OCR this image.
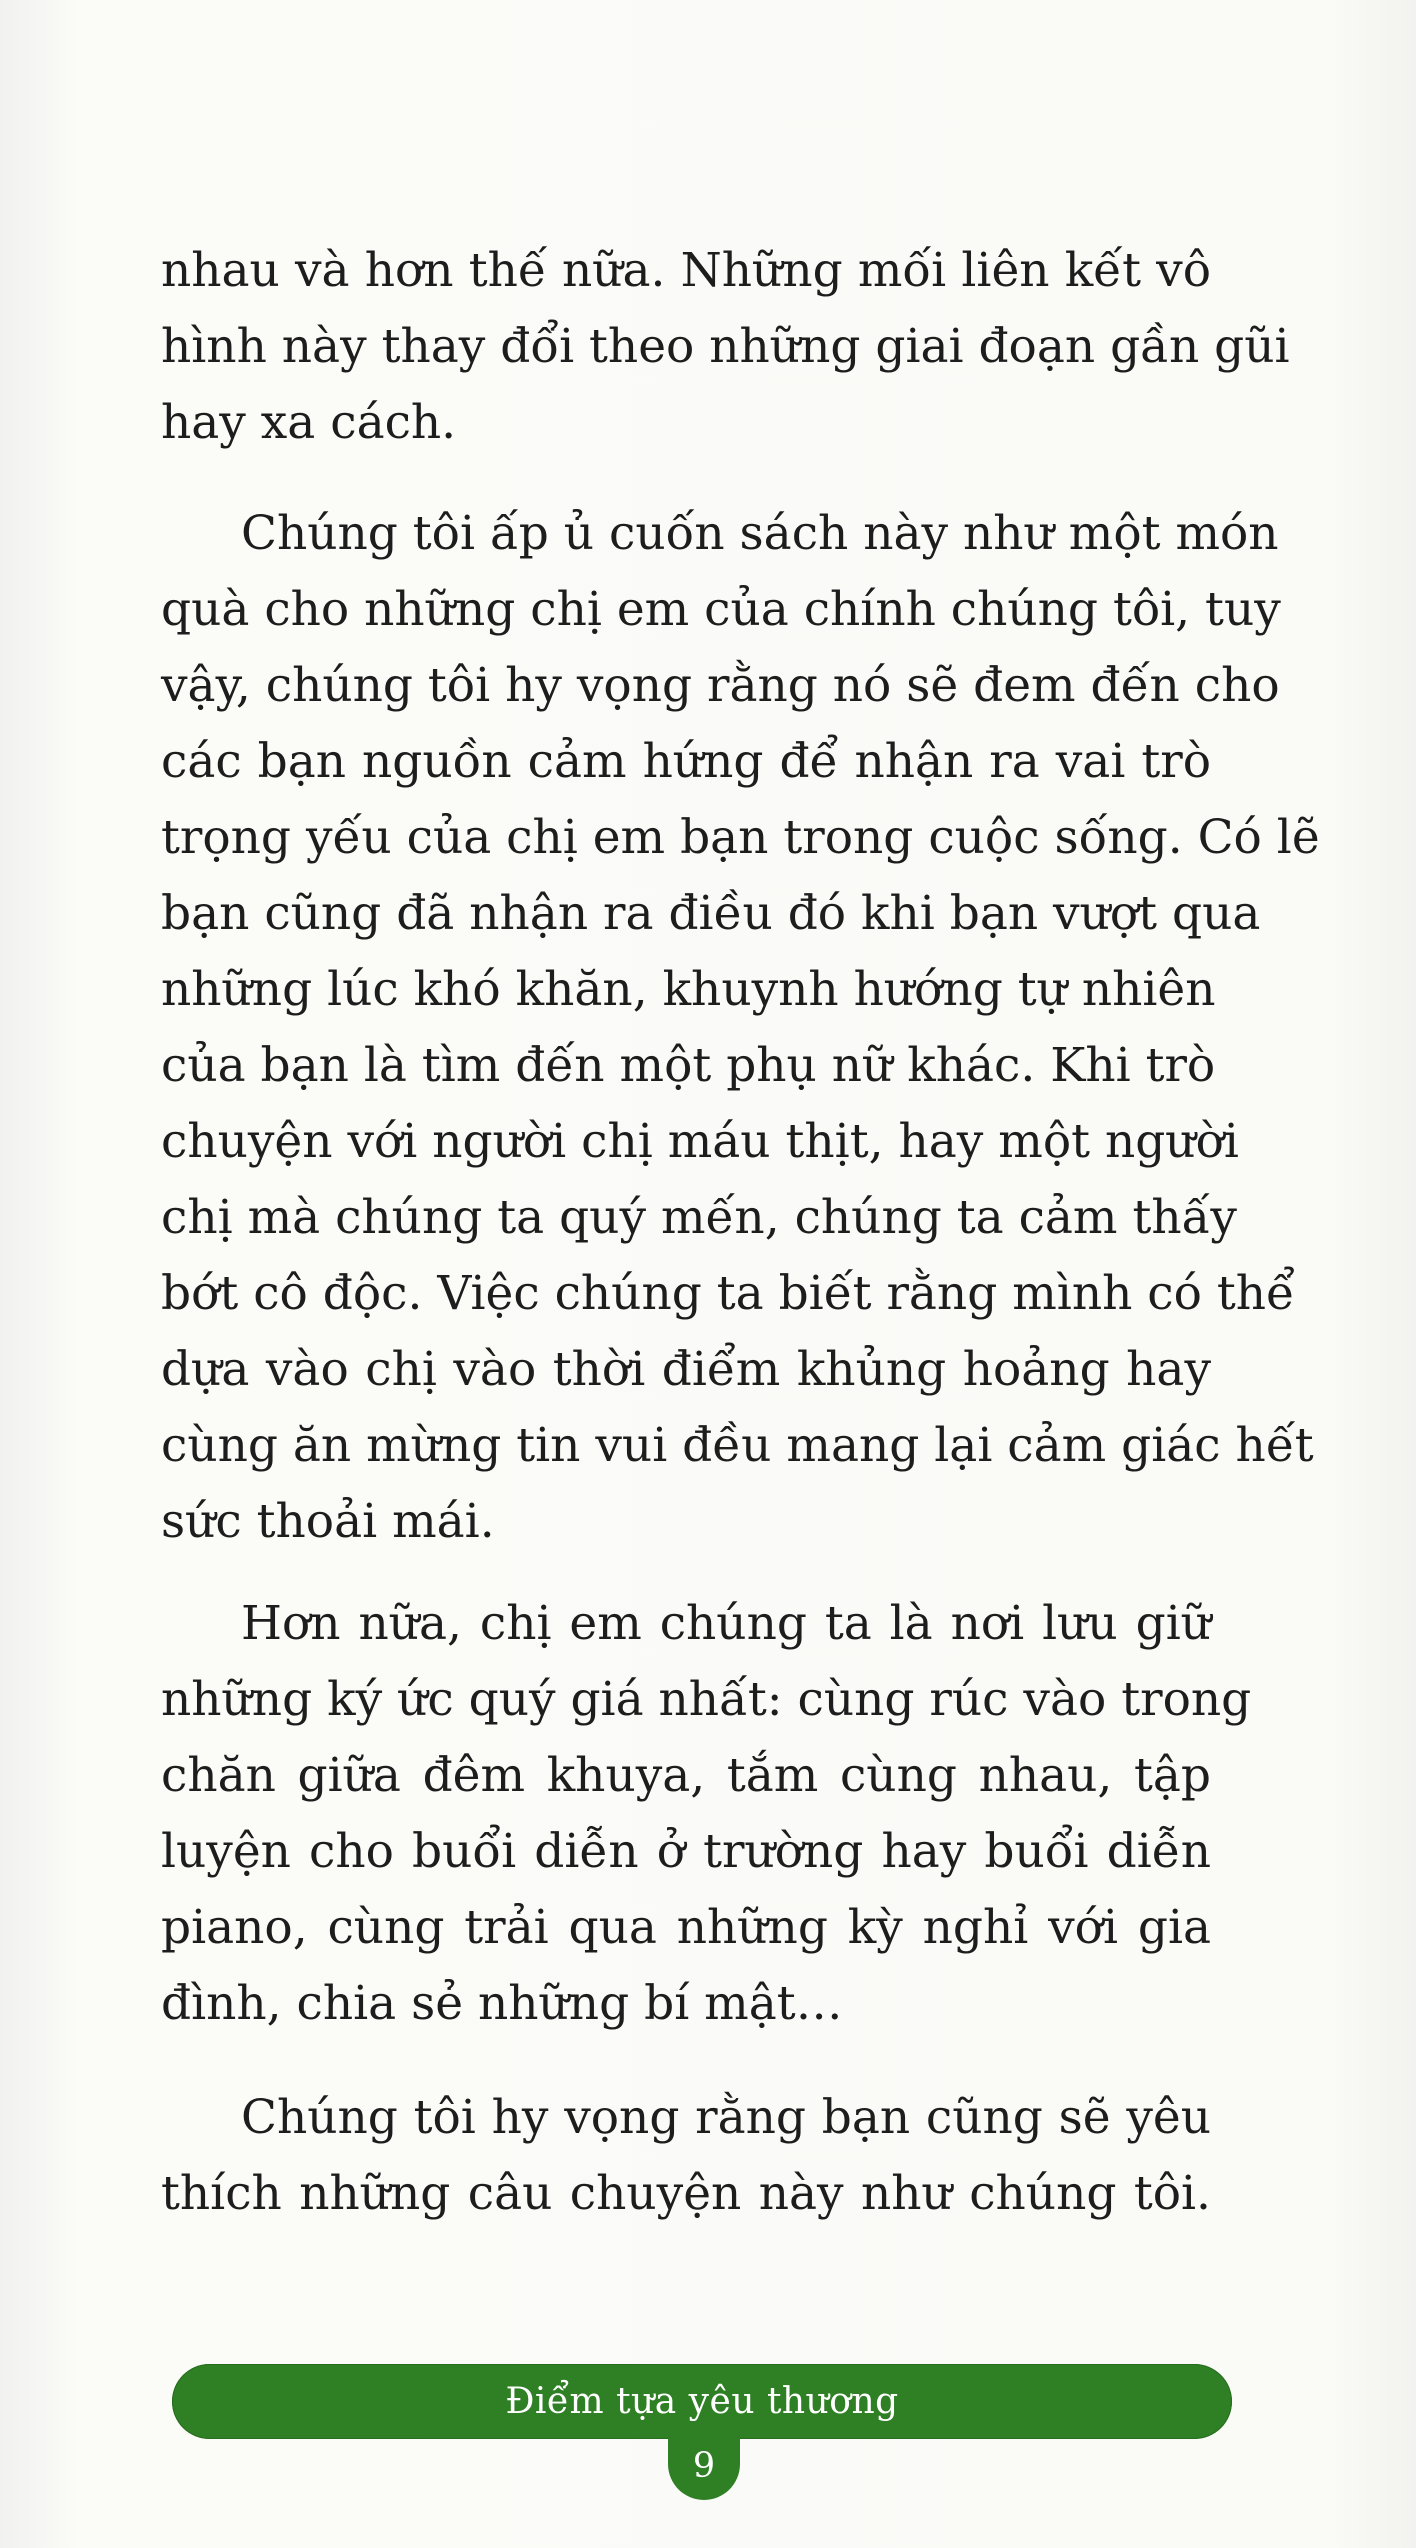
nhau và hơn thế nữa. Những mối liên kết vô
hình này thay đổi theo những giai đoạn gần gũi
hay xa cách.
Chúng tôi ấp ủ cuốn sách này như một món
quà cho những chị em của chính chúng tôi, tuy
vậy, chúng tôi hy vọng rằng nó sẽ đem đến cho
các bạn nguồn cảm hứng để nhận ra vai trò
trọng yếu của chị em bạn trong cuộc sống. Có lẽ
bạn cũng đã nhận ra điều đó khi bạn vượt qua
những lúc khó khăn, khuynh hướng tự nhiên
của bạn là tìm đến một phụ nữ khác. Khi trò
chuyện với người chị máu thịt, hay một người
chị mà chúng ta quý mến, chúng ta cảm thấy
bớt cô độc. Việc chúng ta biết rằng mình có thể
dựa vào chị vào thời điểm khủng hoảng hay
cùng ăn mừng tin vui đều mang lại cảm giác hết
sức thoải mái.
Hơn nữa, chị em chúng ta là nơi lưu giữ
những ký ức quý giá nhất: cùng rúc vào trong
chăn giữa đêm khuya, tắm cùng nhau, tập
luyện cho buổi diễn ở trường hay buổi diễn
piano, cùng trải qua những kỳ nghỉ với gia
đình, chia sẻ những bí mật…
Chúng tôi hy vọng rằng bạn cũng sẽ yêu
thích những câu chuyện này như chúng tôi.
Điểm tựa yêu thương
9
